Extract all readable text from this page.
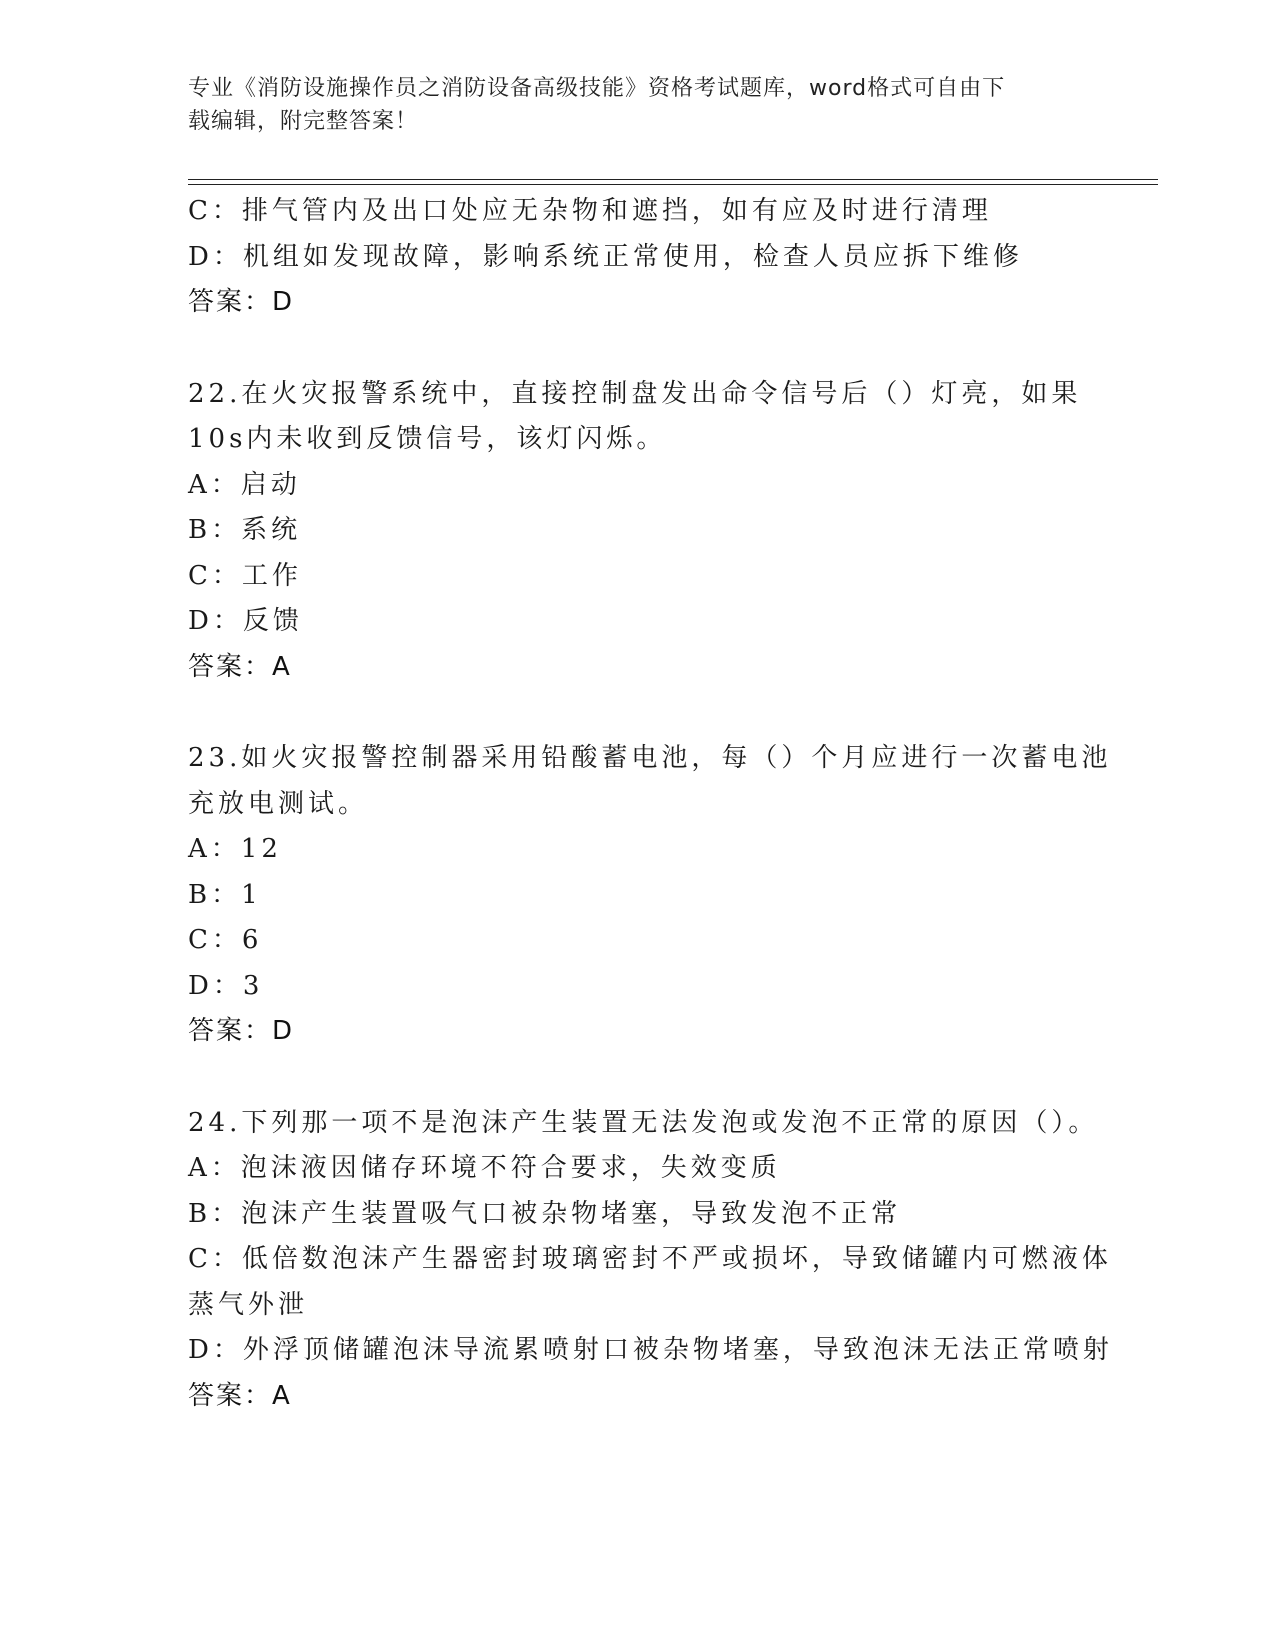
专业《消防设施操作员之消防设备高级技能》资格考试题库，word格式可自由下
载编辑，附完整答案！
C：排气管内及出口处应无杂物和遮挡，如有应及时进行清理
D：机组如发现故障，影响系统正常使用，检查人员应拆下维修
答案：D
22.在火灾报警系统中，直接控制盘发出命令信号后（）灯亮，如果
10s内未收到反馈信号，该灯闪烁。
A：启动
B：系统
C：工作
D：反馈
答案：A
23.如火灾报警控制器采用铅酸蓄电池，每（）个月应进行一次蓄电池
充放电测试。
A：12
B：1
C：6
D：3
答案：D
24.下列那一项不是泡沫产生装置无法发泡或发泡不正常的原因（）。
A：泡沫液因储存环境不符合要求，失效变质
B：泡沫产生装置吸气口被杂物堵塞，导致发泡不正常
C：低倍数泡沫产生器密封玻璃密封不严或损坏，导致储罐内可燃液体
蒸气外泄
D：外浮顶储罐泡沫导流累喷射口被杂物堵塞，导致泡沫无法正常喷射
答案：A
